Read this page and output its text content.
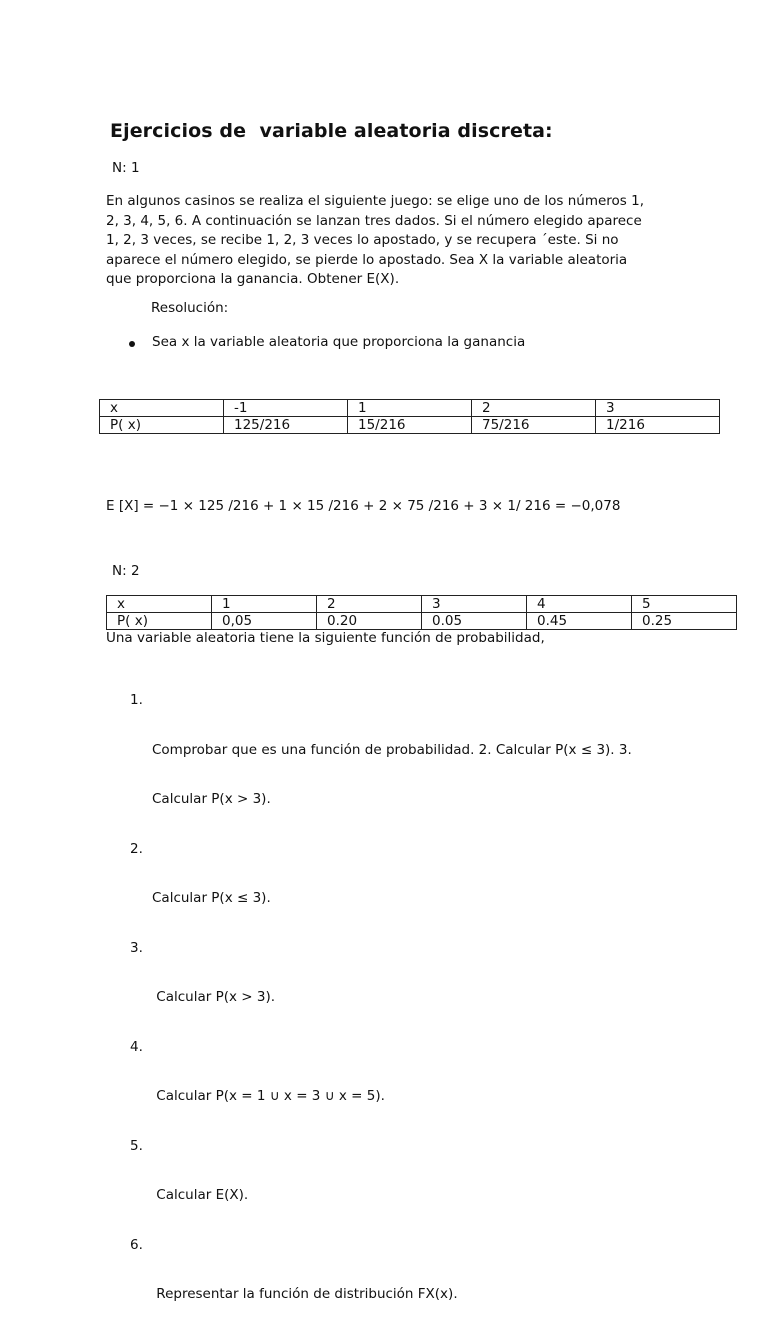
Ejercicios de  variable aleatoria discreta:
N: 1
En algunos casinos se realiza el siguiente juego: se elige uno de los números 1,
2, 3, 4, 5, 6. A continuación se lanzan tres dados. Si el número elegido aparece
1, 2, 3 veces, se recibe 1, 2, 3 veces lo apostado, y se recupera ´este. Si no
aparece el número elegido, se pierde lo apostado. Sea X la variable aleatoria
que proporciona la ganancia. Obtener E(X).
Resolución:
Sea x la variable aleatoria que proporciona la ganancia
x	-1	1	2	3
P( x)	125/216	15/216	75/216	1/216
E [X] = −1 × 125 /216 + 1 × 15 /216 + 2 × 75 /216 + 3 × 1/ 216 = −0,078
N: 2
x	1	2	3	4	5
P( x)	0,05	0.20	0.05	0.45	0.25
Una variable aleatoria tiene la siguiente función de probabilidad,

1.

Comprobar que es una función de probabilidad. 2. Calcular P(x ≤ 3). 3.

Calcular P(x > 3).

2.

Calcular P(x ≤ 3).

3.

Calcular P(x > 3).

4.

Calcular P(x = 1 ∪ x = 3 ∪ x = 5).

5.

Calcular E(X).

6.

Representar la función de distribución FX(x).
